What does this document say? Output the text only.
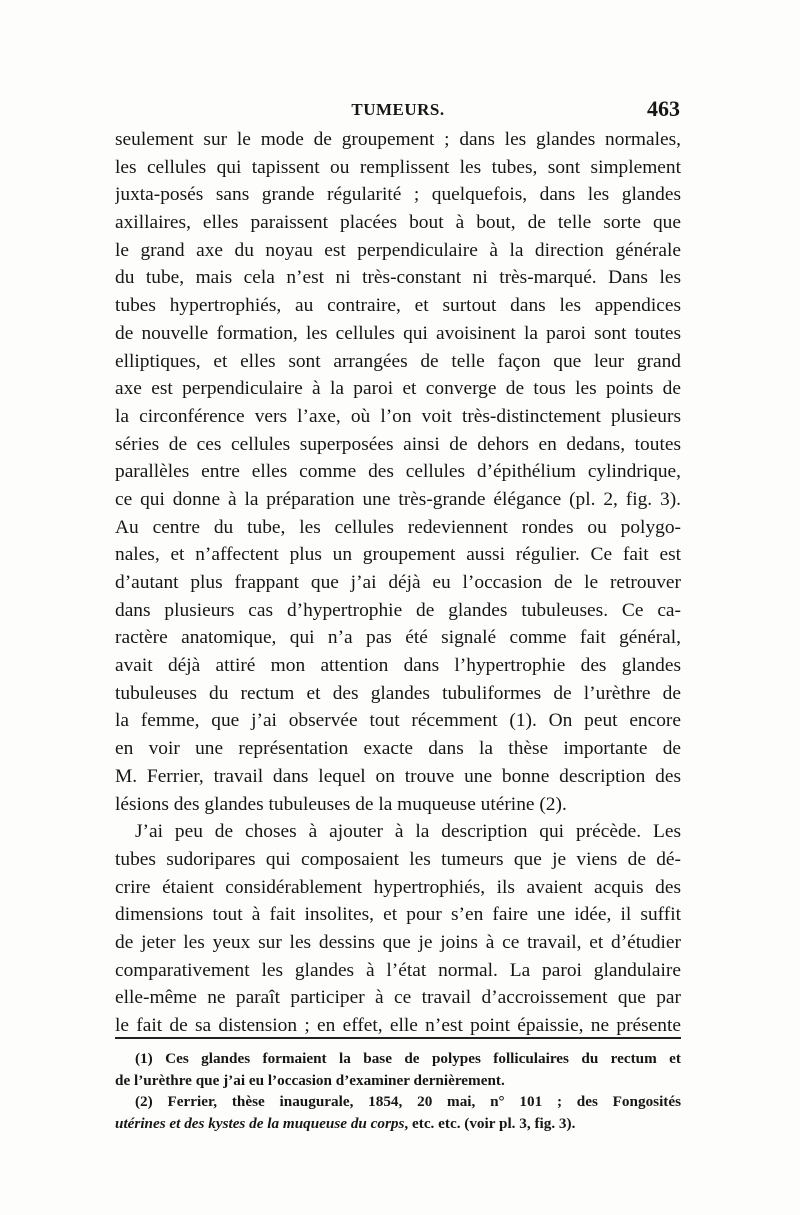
TUMEURS.	463
seulement sur le mode de groupement ; dans les glandes normales,
les cellules qui tapissent ou remplissent les tubes, sont simplement
juxta-posés sans grande régularité ; quelquefois, dans les glandes
axillaires, elles paraissent placées bout à bout, de telle sorte que
le grand axe du noyau est perpendiculaire à la direction générale
du tube, mais cela n’est ni très-constant ni très-marqué. Dans les
tubes hypertrophiés, au contraire, et surtout dans les appendices
de nouvelle formation, les cellules qui avoisinent la paroi sont toutes
elliptiques, et elles sont arrangées de telle façon que leur grand
axe est perpendiculaire à la paroi et converge de tous les points de
la circonférence vers l’axe, où l’on voit très-distinctement plusieurs
séries de ces cellules superposées ainsi de dehors en dedans, toutes
parallèles entre elles comme des cellules d’épithélium cylindrique,
ce qui donne à la préparation une très-grande élégance (pl. 2, fig. 3).
Au centre du tube, les cellules redeviennent rondes ou polygo-
nales, et n’affectent plus un groupement aussi régulier. Ce fait est
d’autant plus frappant que j’ai déjà eu l’occasion de le retrouver
dans plusieurs cas d’hypertrophie de glandes tubuleuses. Ce ca-
ractère anatomique, qui n’a pas été signalé comme fait général,
avait déjà attiré mon attention dans l’hypertrophie des glandes
tubuleuses du rectum et des glandes tubuliformes de l’urèthre de
la femme, que j’ai observée tout récemment (1). On peut encore
en voir une représentation exacte dans la thèse importante de
M. Ferrier, travail dans lequel on trouve une bonne description des
lésions des glandes tubuleuses de la muqueuse utérine (2).
J’ai peu de choses à ajouter à la description qui précède. Les
tubes sudoripares qui composaient les tumeurs que je viens de dé-
crire étaient considérablement hypertrophiés, ils avaient acquis des
dimensions tout à fait insolites, et pour s’en faire une idée, il suffit
de jeter les yeux sur les dessins que je joins à ce travail, et d’étudier
comparativement les glandes à l’état normal. La paroi glandulaire
elle-même ne paraît participer à ce travail d’accroissement que par
le fait de sa distension ; en effet, elle n’est point épaissie, ne présente
(1) Ces glandes formaient la base de polypes folliculaires du rectum et
de l’urèthre que j’ai eu l’occasion d’examiner dernièrement.
(2) Ferrier, thèse inaugurale, 1854, 20 mai, n° 101 ; des Fongosités
utérines et des kystes de la muqueuse du corps, etc. etc. (voir pl. 3, fig. 3).
